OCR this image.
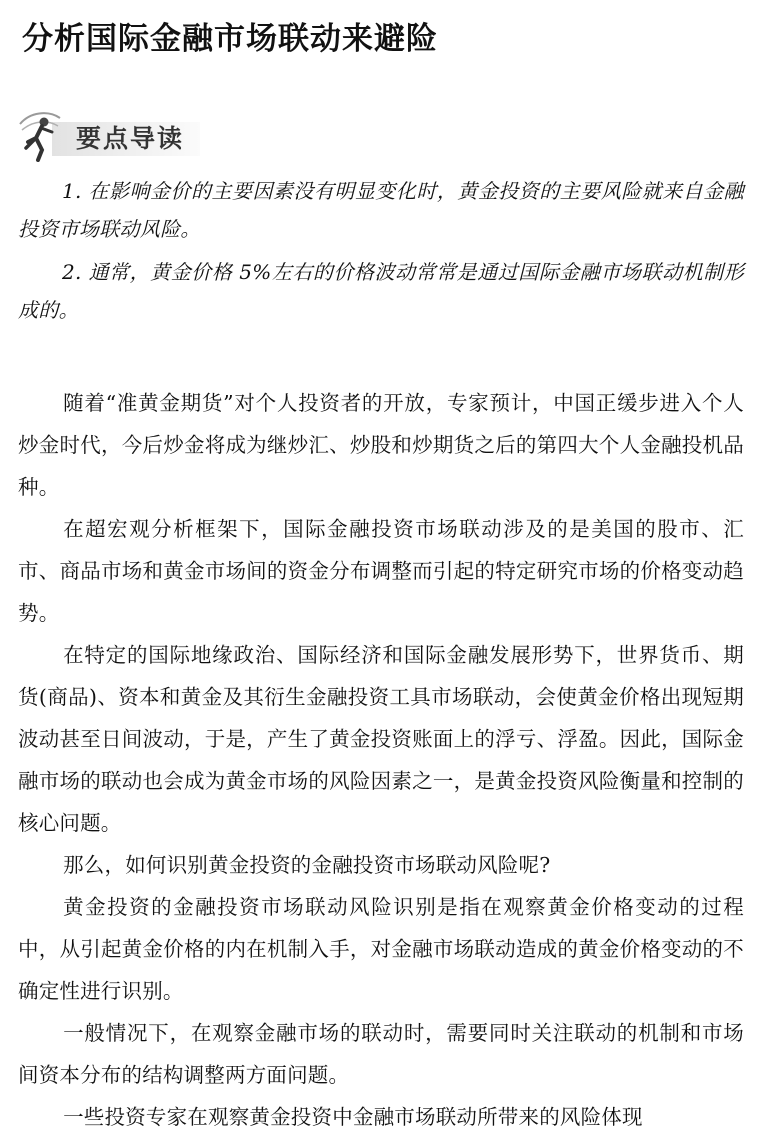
分析国际金融市场联动来避险
要点导读

1. 在影响金价的主要因素没有明显变化时，黄金投资的主要风险就来自金融投资市场联动风险。

2. 通常，黄金价格 5%左右的价格波动常常是通过国际金融市场联动机制形成的。

随着“准黄金期货”对个人投资者的开放，专家预计，中国正缓步进入个人炒金时代，今后炒金将成为继炒汇、炒股和炒期货之后的第四大个人金融投机品种。

在超宏观分析框架下，国际金融投资市场联动涉及的是美国的股市、汇市、商品市场和黄金市场间的资金分布调整而引起的特定研究市场的价格变动趋势。

在特定的国际地缘政治、国际经济和国际金融发展形势下，世界货币、期货(商品)、资本和黄金及其衍生金融投资工具市场联动，会使黄金价格出现短期波动甚至日间波动，于是，产生了黄金投资账面上的浮亏、浮盈。因此，国际金融市场的联动也会成为黄金市场的风险因素之一，是黄金投资风险衡量和控制的核心问题。

那么，如何识别黄金投资的金融投资市场联动风险呢?

黄金投资的金融投资市场联动风险识别是指在观察黄金价格变动的过程中，从引起黄金价格的内在机制入手，对金融市场联动造成的黄金价格变动的不确定性进行识别。

一般情况下，在观察金融市场的联动时，需要同时关注联动的机制和市场间资本分布的结构调整两方面问题。

一些投资专家在观察黄金投资中金融市场联动所带来的风险体现
